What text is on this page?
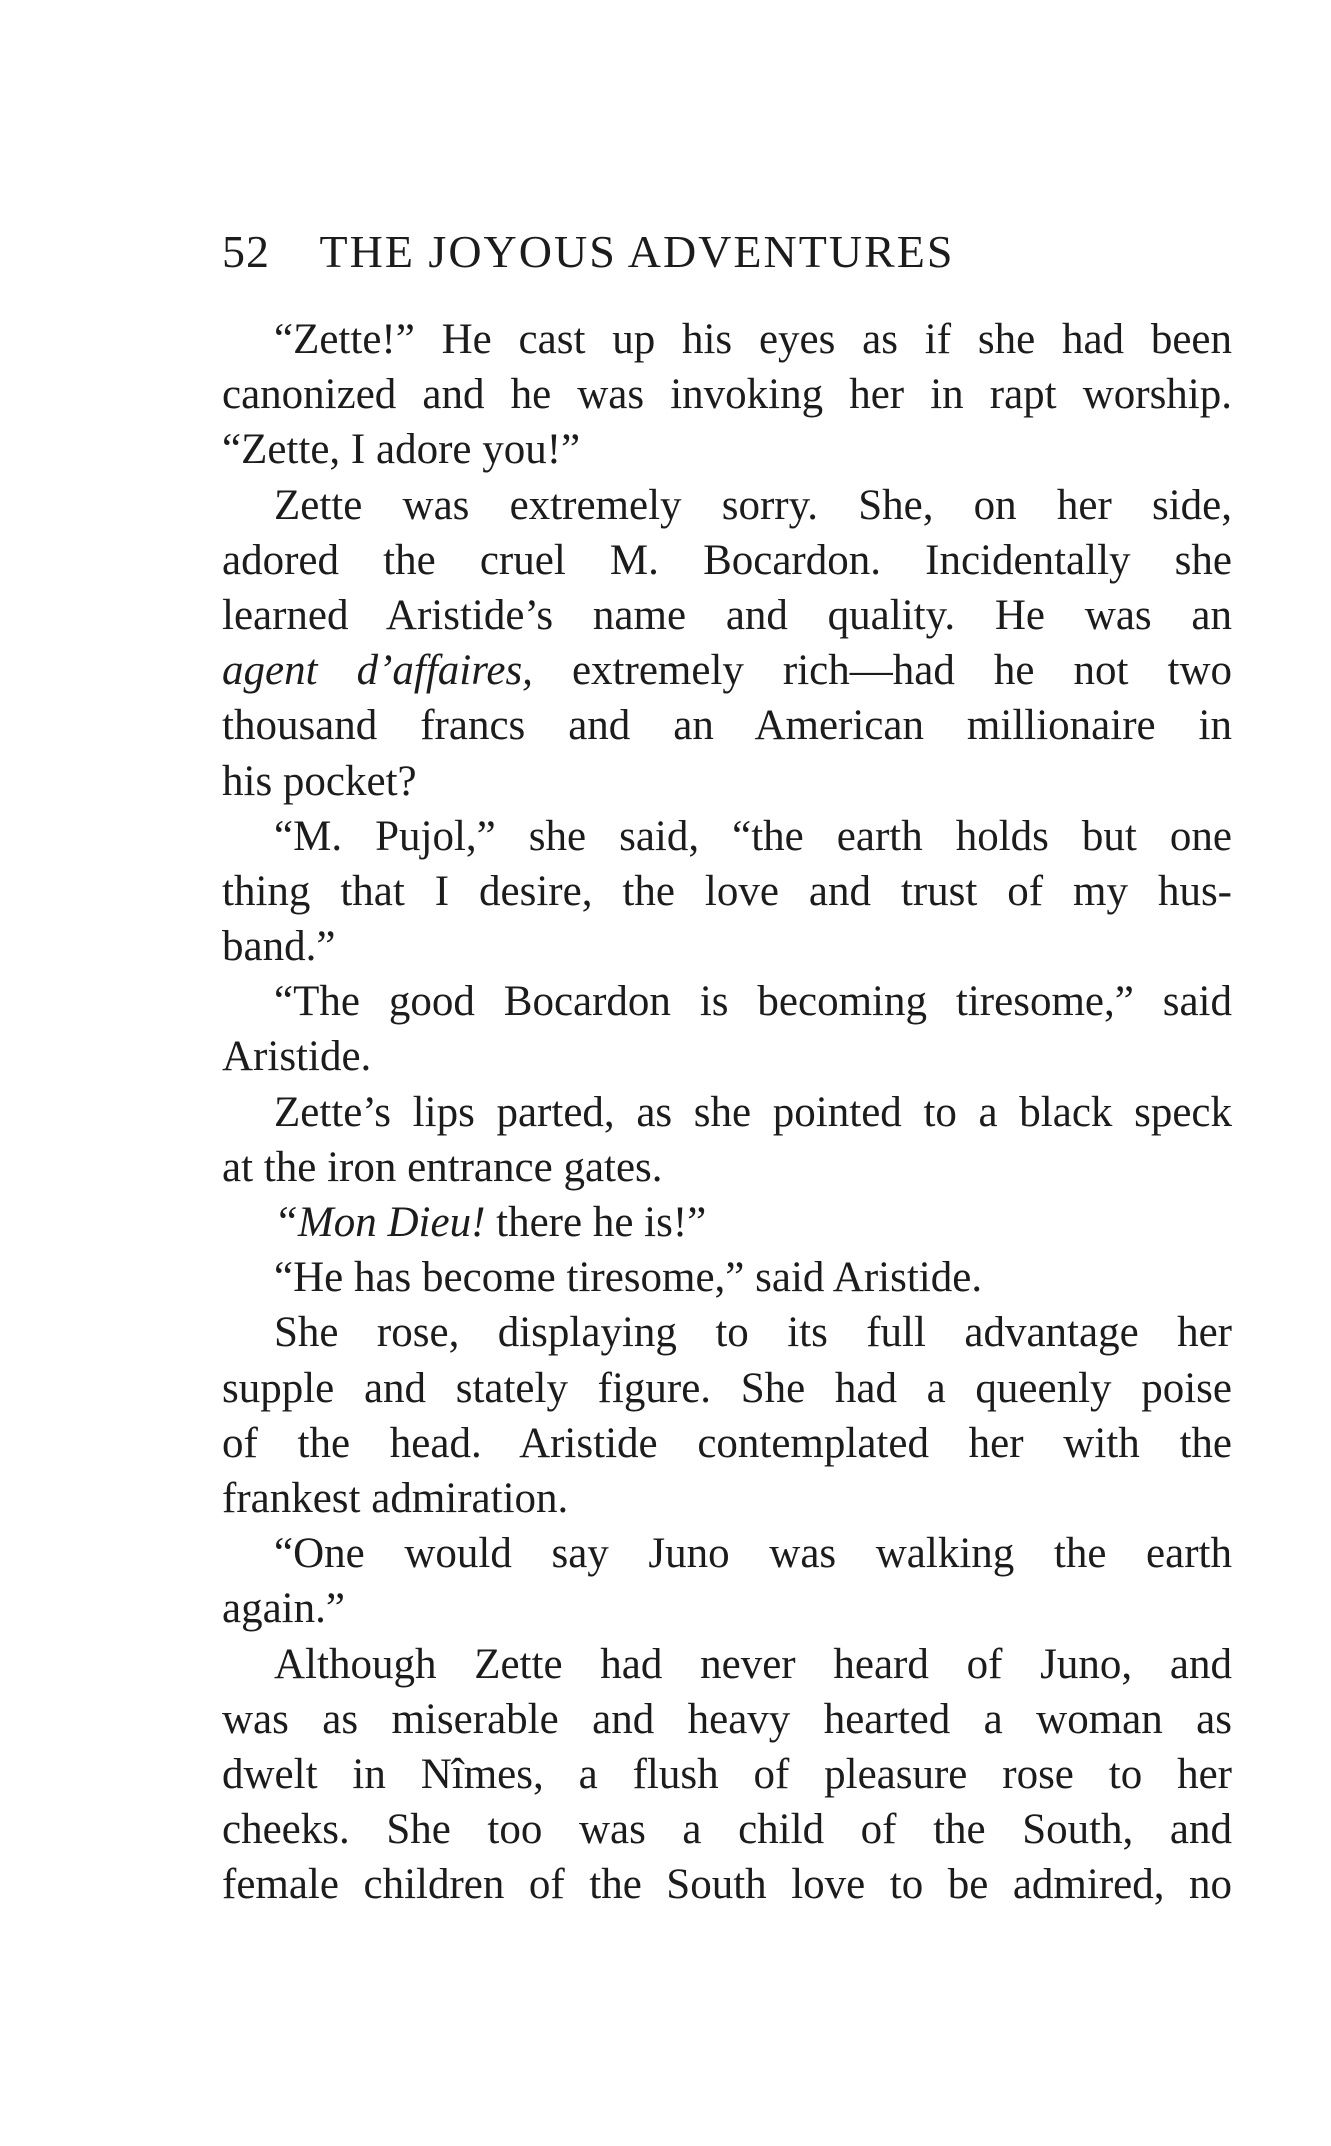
52 THE JOYOUS ADVENTURES
“Zette!” He cast up his eyes as if she had been
canonized and he was invoking her in rapt worship.
“Zette, I adore you!”
Zette was extremely sorry. She, on her side,
adored the cruel M. Bocardon. Incidentally she
learned Aristide’s name and quality. He was an
agent d’affaires, extremely rich—had he not two
thousand francs and an American millionaire in
his pocket?
“M. Pujol,” she said, “the earth holds but one
thing that I desire, the love and trust of my hus-
band.”
“The good Bocardon is becoming tiresome,” said
Aristide.
Zette’s lips parted, as she pointed to a black speck
at the iron entrance gates.
“Mon Dieu! there he is!”
“He has become tiresome,” said Aristide.
She rose, displaying to its full advantage her
supple and stately figure. She had a queenly poise
of the head. Aristide contemplated her with the
frankest admiration.
“One would say Juno was walking the earth
again.”
Although Zette had never heard of Juno, and
was as miserable and heavy hearted a woman as
dwelt in Nîmes, a flush of pleasure rose to her
cheeks. She too was a child of the South, and
female children of the South love to be admired, no
